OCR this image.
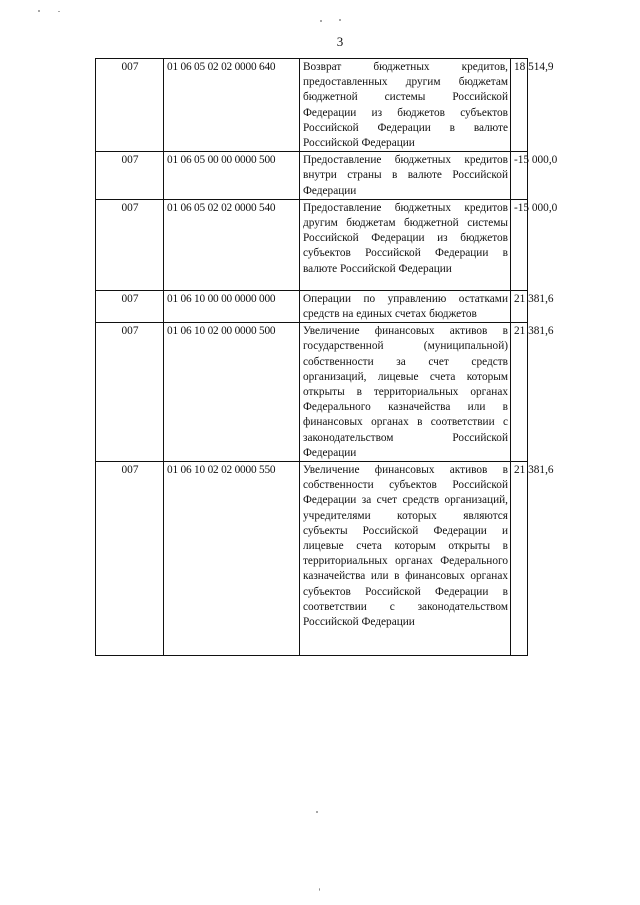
3
007	01 06 05 02 02 0000 640	Возврат бюджетных кредитов, предоставленных другим бюджетам бюджетной системы Российской Федерации из бюджетов субъектов Российской Федерации в валюте Российской Федерации	18 514,9
007	01 06 05 00 00 0000 500	Предоставление бюджетных кредитов внутри страны в валюте Российской Федерации	-15 000,0
007	01 06 05 02 02 0000 540	Предоставление бюджетных кредитов другим бюджетам бюджетной системы Российской Федерации из бюджетов субъектов Российской Федерации в валюте Российской Федерации	-15 000,0
007	01 06 10 00 00 0000 000	Операции по управлению остатками средств на единых счетах бюджетов	21 381,6
007	01 06 10 02 00 0000 500	Увеличение финансовых активов в государственной (муниципальной) собственности за счет средств организаций, лицевые счета которым открыты в территориальных органах Федерального казначейства или в финансовых органах в соответствии с законодательством Российской Федерации	21 381,6
007	01 06 10 02 02 0000 550	Увеличение финансовых активов в собственности субъектов Российской Федерации за счет средств организаций, учредителями которых являются субъекты Российской Федерации и лицевые счета которым открыты в территориальных органах Федерального казначейства или в финансовых органах субъектов Российской Федерации в соответствии с законодательством Российской Федерации	21 381,6
